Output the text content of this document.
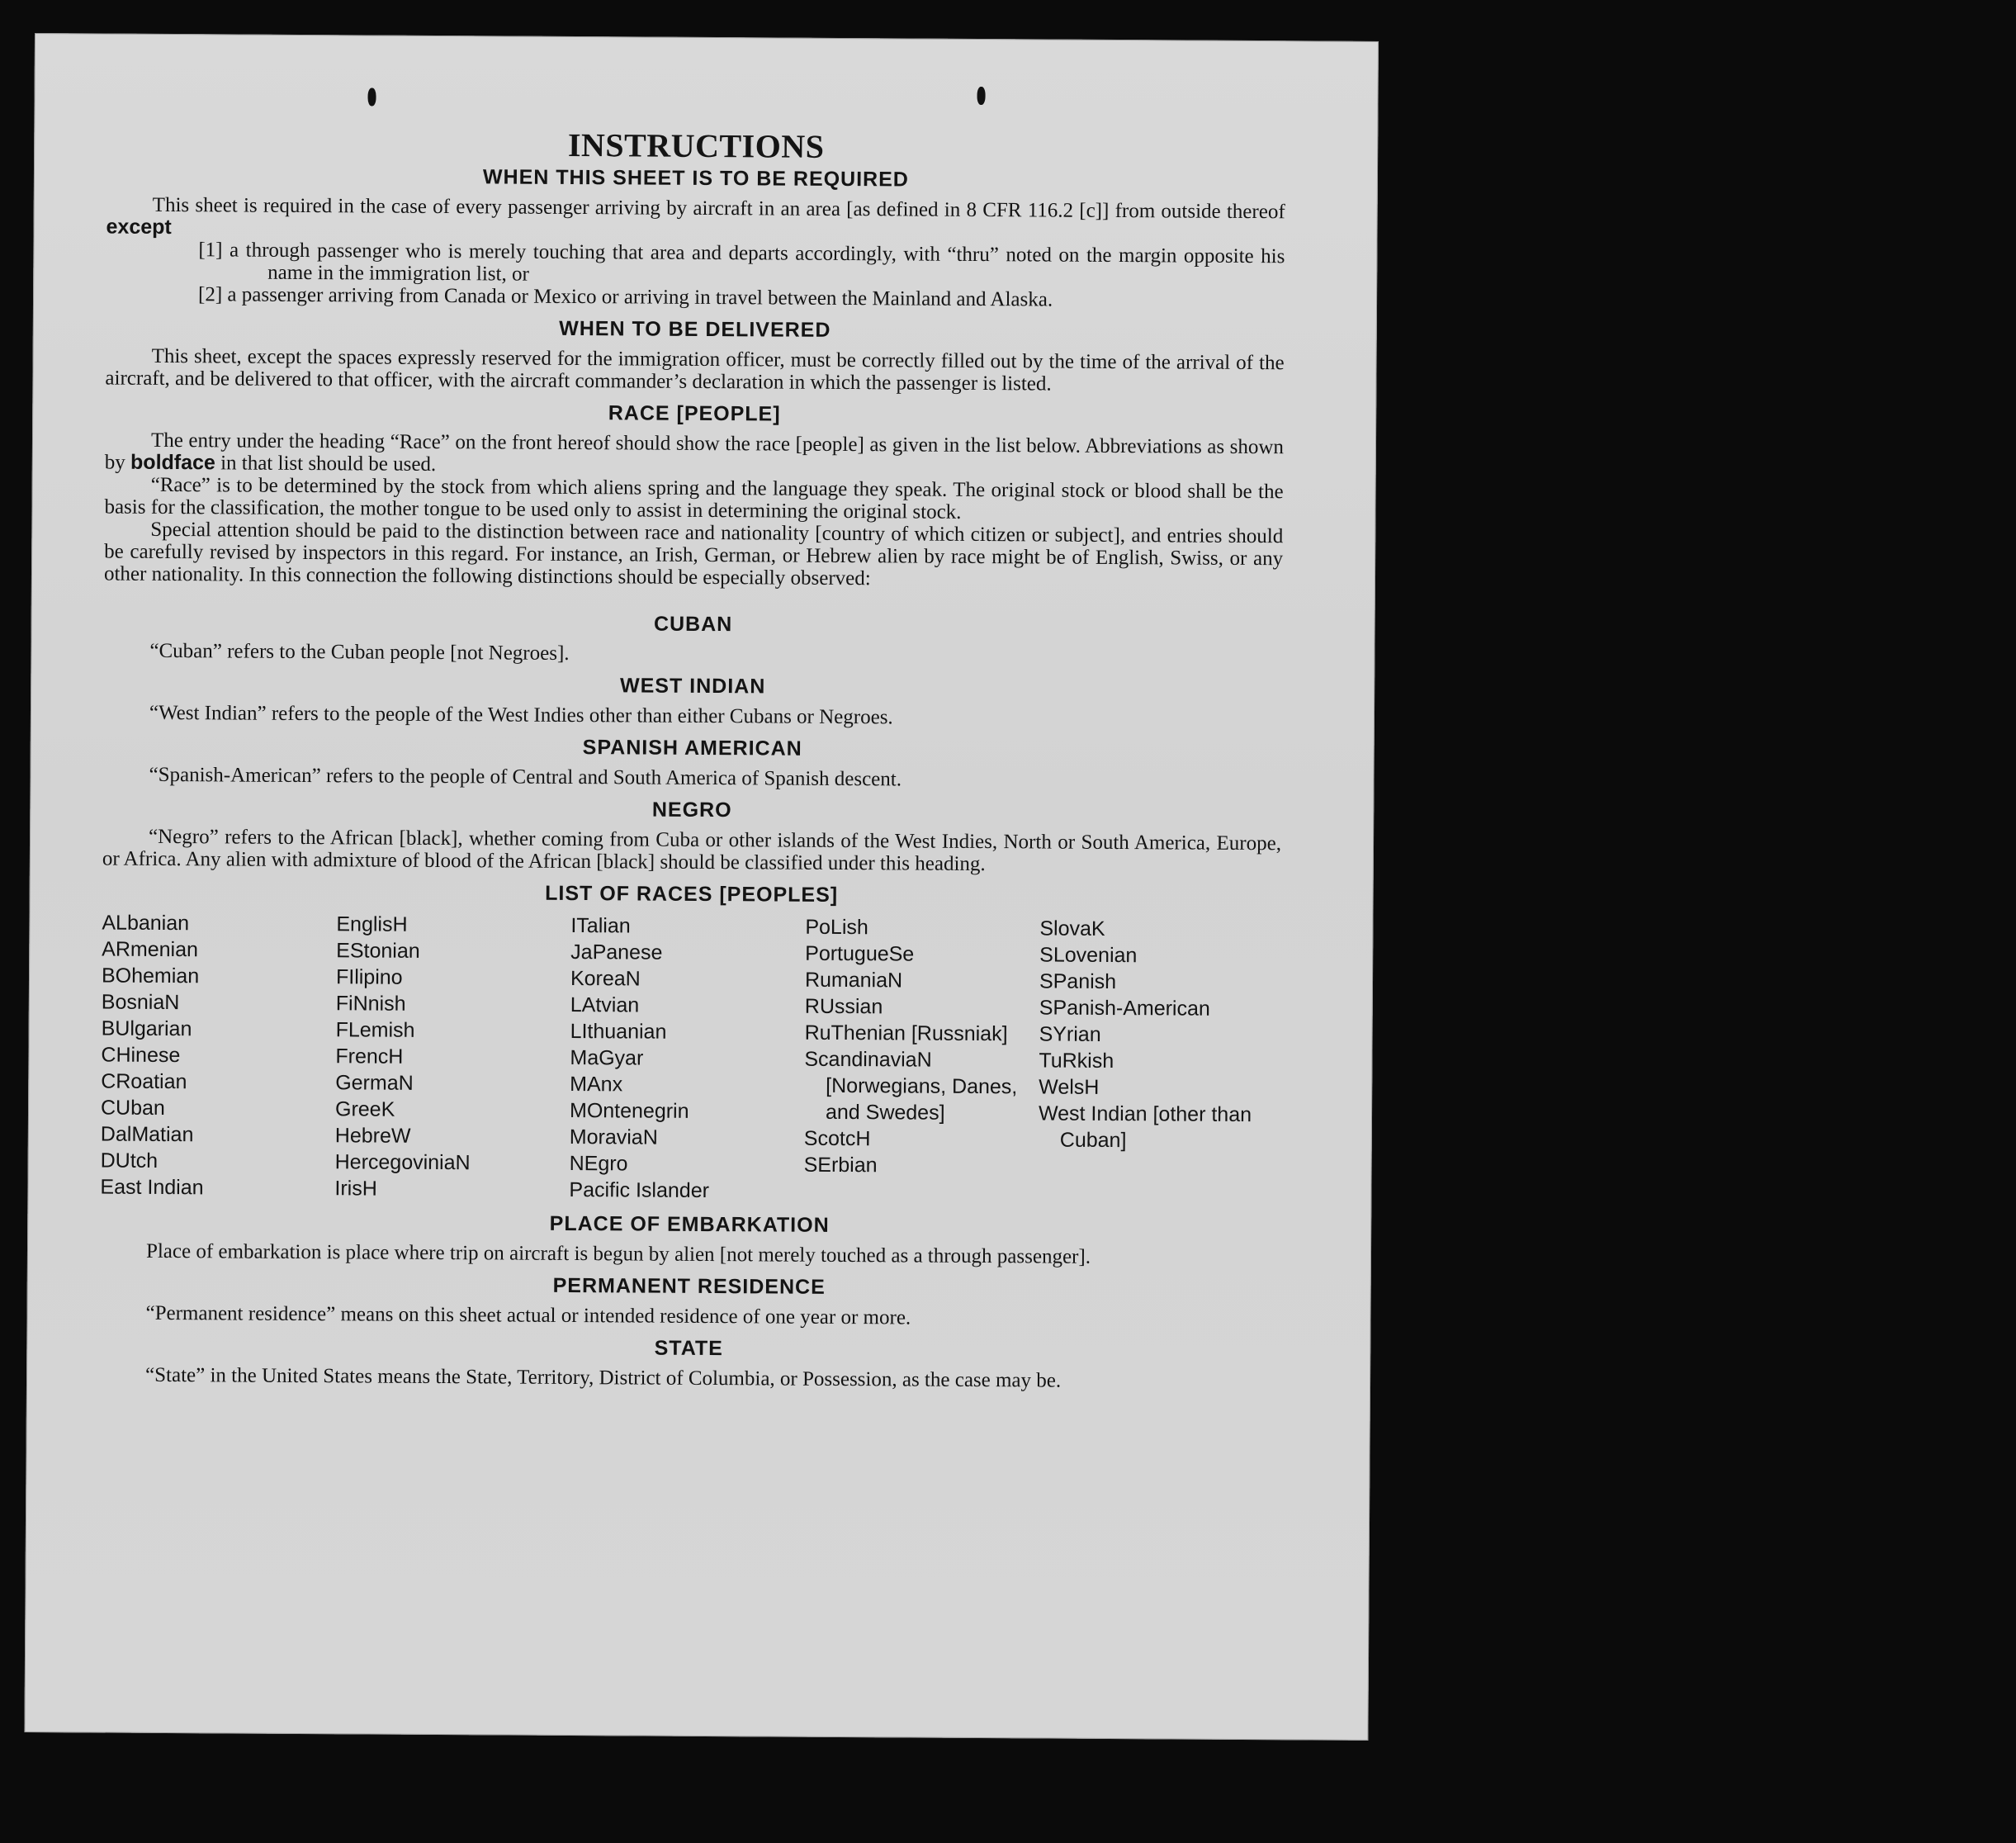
INSTRUCTIONS
WHEN THIS SHEET IS TO BE REQUIRED

This sheet is required in the case of every passenger arriving by aircraft in an area [as defined in 8 CFR 116.2 [c]] from outside thereof except

[1] a through passenger who is merely touching that area and departs accordingly, with “thru” noted on the margin opposite his name in the immigration list, or

[2] a passenger arriving from Canada or Mexico or arriving in travel between the Mainland and Alaska.

WHEN TO BE DELIVERED

This sheet, except the spaces expressly reserved for the immigration officer, must be correctly filled out by the time of the arrival of the aircraft, and be delivered to that officer, with the aircraft commander’s declaration in which the passenger is listed.

RACE [PEOPLE]

The entry under the heading “Race” on the front hereof should show the race [people] as given in the list below. Abbreviations as shown by boldface in that list should be used.

“Race” is to be determined by the stock from which aliens spring and the language they speak. The original stock or blood shall be the basis for the classification, the mother tongue to be used only to assist in determining the original stock.

Special attention should be paid to the distinction between race and nationality [country of which citizen or subject], and entries should be carefully revised by inspectors in this regard. For instance, an Irish, German, or Hebrew alien by race might be of English, Swiss, or any other nationality. In this connection the following distinctions should be especially observed:

CUBAN

“Cuban” refers to the Cuban people [not Negroes].

WEST INDIAN

“West Indian” refers to the people of the West Indies other than either Cubans or Negroes.

SPANISH AMERICAN

“Spanish-American” refers to the people of Central and South America of Spanish descent.

NEGRO

“Negro” refers to the African [black], whether coming from Cuba or other islands of the West Indies, North or South America, Europe, or Africa. Any alien with admixture of blood of the African [black] should be classified under this heading.

LIST OF RACES [PEOPLES]
ALbanian
ARmenian
BOhemian
BosniaN
BUlgarian
CHinese
CRoatian
CUban
DalMatian
DUtch
East Indian
EnglisH
EStonian
FIlipino
FiNnish
FLemish
FrencH
GermaN
GreeK
HebreW
HercegoviniaN
IrisH
ITalian
JaPanese
KoreaN
LAtvian
LIthuanian
MaGyar
MAnx
MOntenegrin
MoraviaN
NEgro
Pacific Islander
PoLish
PortugueSe
RumaniaN
RUssian
RuThenian [Russniak]
ScandinaviaN [Norwegians, Danes, and Swedes]
ScotcH
SErbian
SlovaK
SLovenian
SPanish
SPanish-American
SYrian
TuRkish
WelsH
West Indian [other than Cuban]
PLACE OF EMBARKATION

Place of embarkation is place where trip on aircraft is begun by alien [not merely touched as a through passenger].

PERMANENT RESIDENCE

“Permanent residence” means on this sheet actual or intended residence of one year or more.

STATE

“State” in the United States means the State, Territory, District of Columbia, or Possession, as the case may be.
